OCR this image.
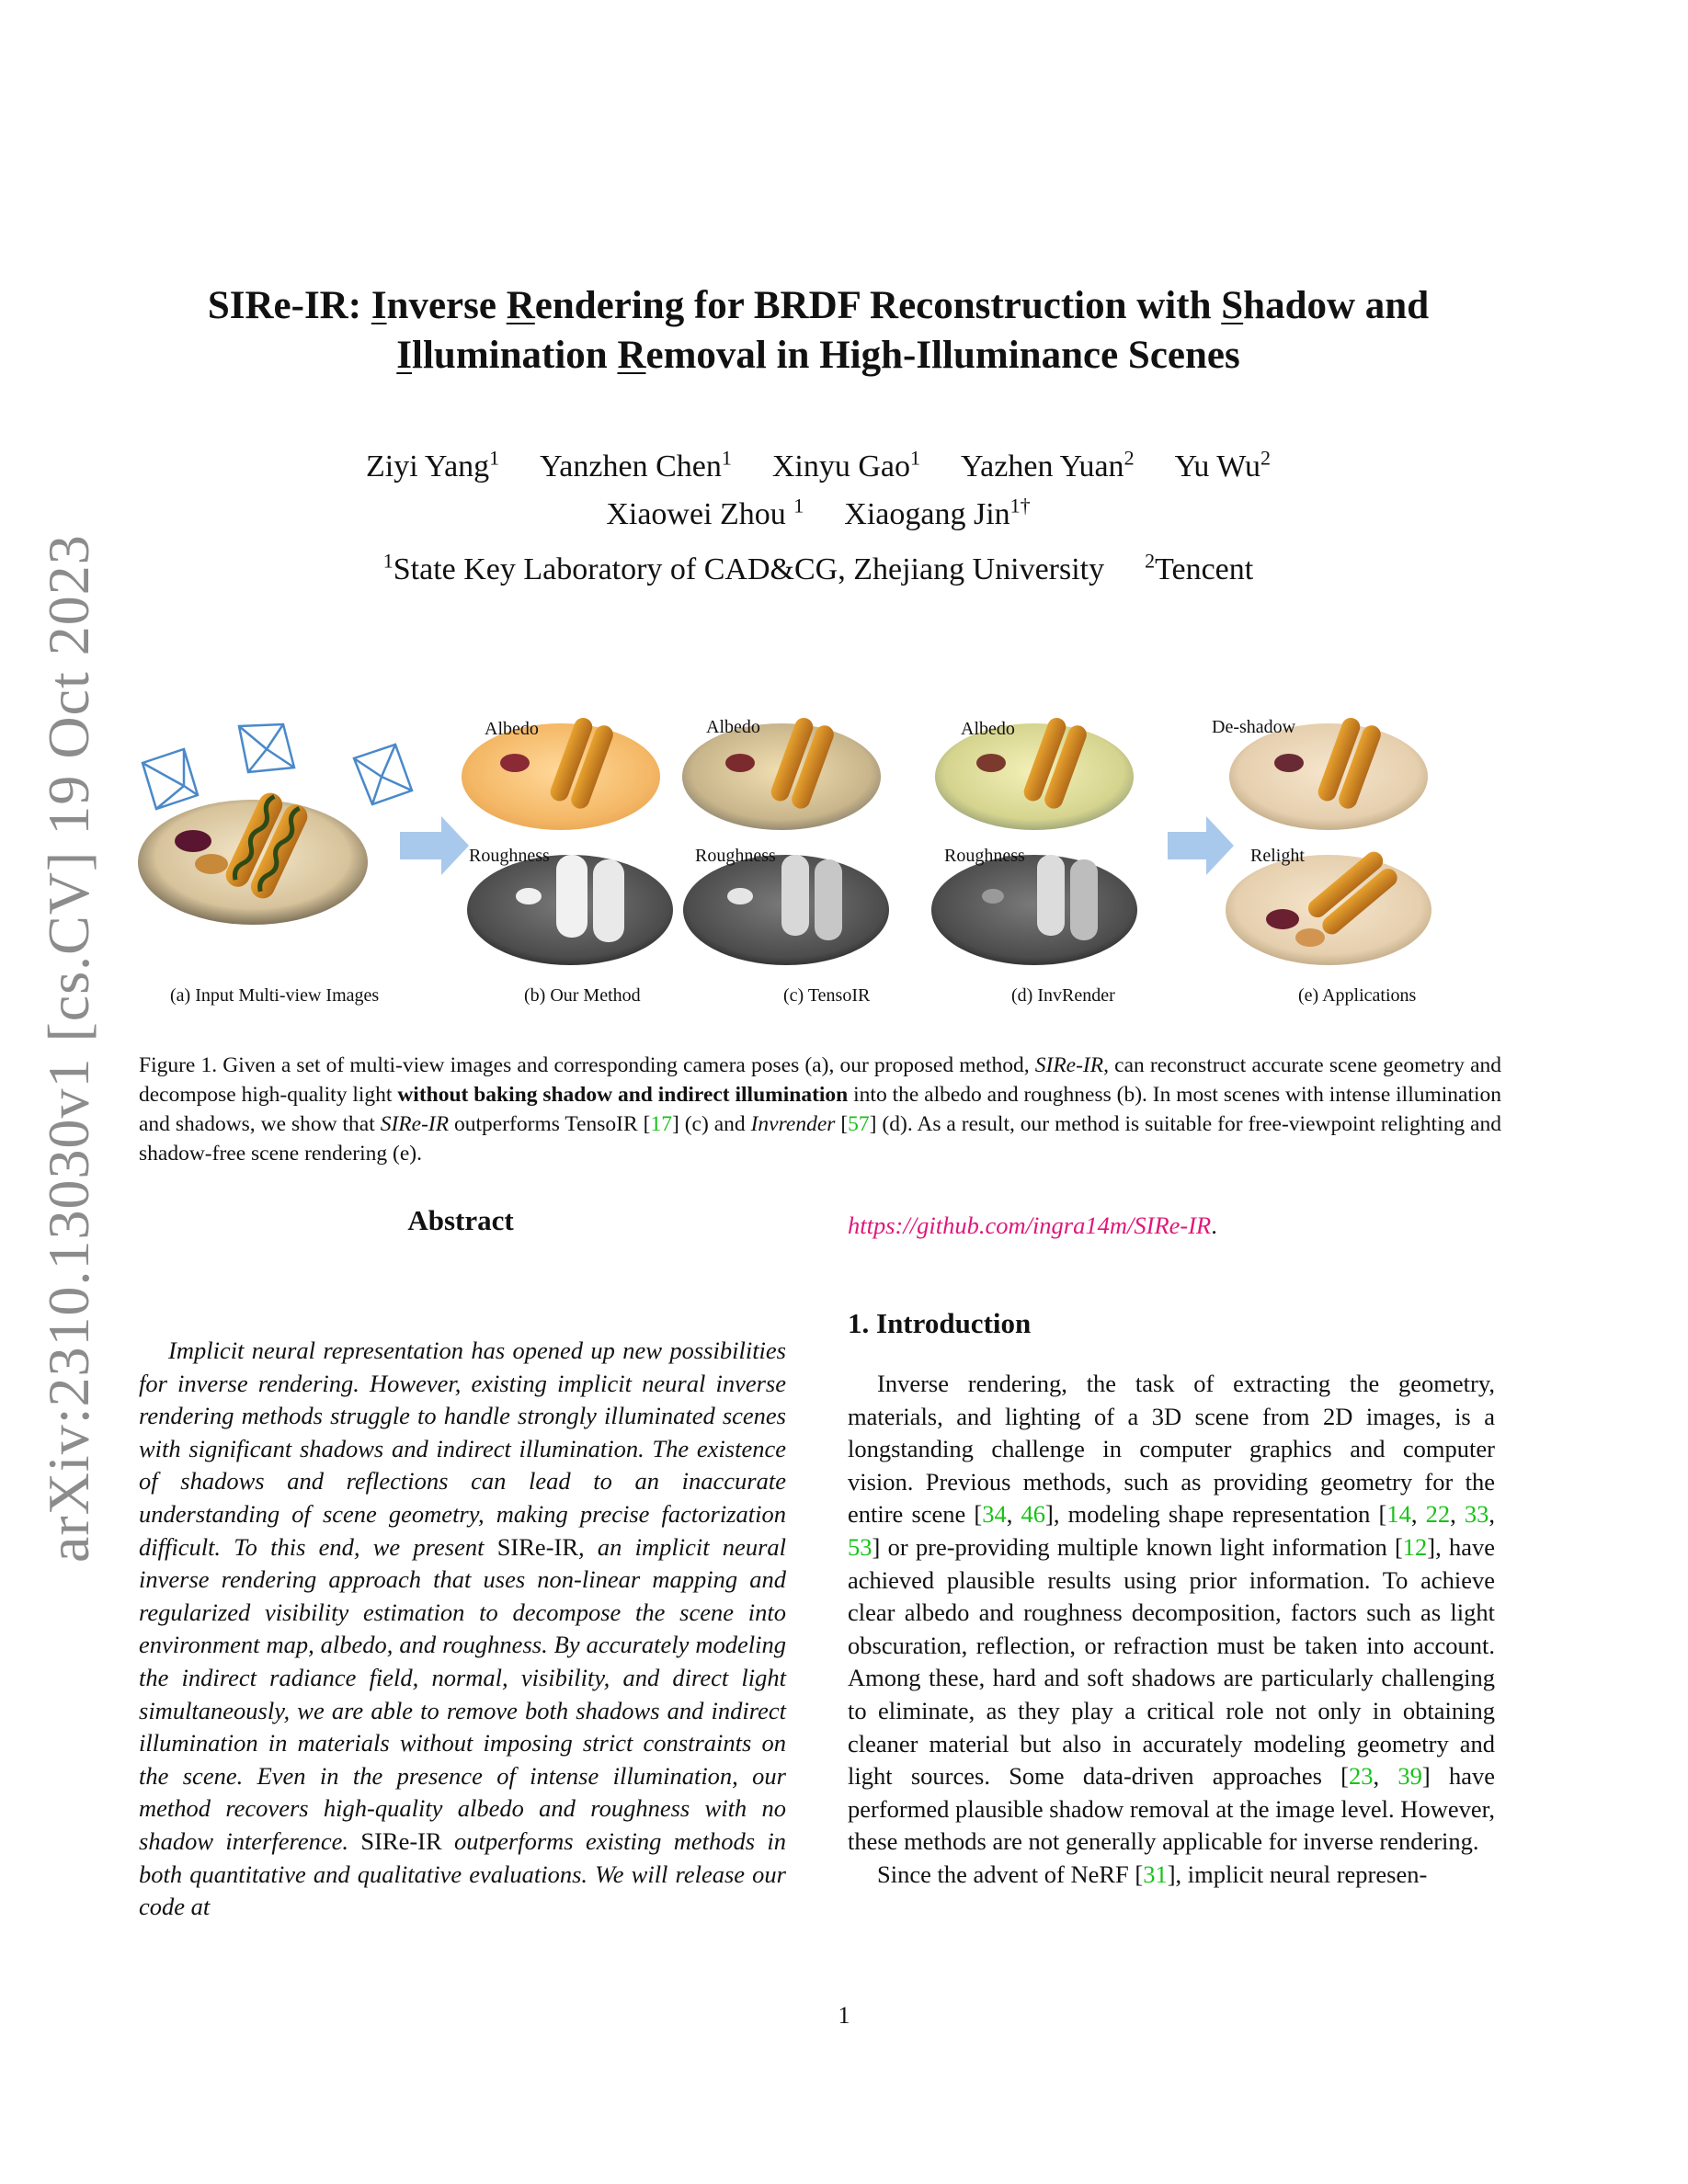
arXiv:2310.13030v1 [cs.CV] 19 Oct 2023
SIRe-IR: Inverse Rendering for BRDF Reconstruction with Shadow and
Illumination Removal in High-Illuminance Scenes
Ziyi Yang$^1$ Yanzhen Chen$^1$ Xinyu Gao$^1$ Yazhen Yuan$^2$ Yu Wu$^2$
Xiaowei Zhou $^1$ Xiaogang Jin$^{1\dagger}$
$^1$State Key Laboratory of CAD&CG, Zhejiang University $^2$Tencent
Albedo	Albedo	Albedo	De-shadow
Roughness	Roughness	Roughness	Relight
(a) Input Multi-view Images	(b) Our Method	(c) TensoIR	(d) InvRender	(e) Applications
Figure 1. Given a set of multi-view images and corresponding camera poses (a), our proposed method, SIRe-IR, can reconstruct accurate scene geometry and decompose high-quality light without baking shadow and indirect illumination into the albedo and roughness (b). In most scenes with intense illumination and shadows, we show that SIRe-IR outperforms TensoIR [17] (c) and Invrender [57] (d). As a result, our method is suitable for free-viewpoint relighting and shadow-free scene rendering (e).
Abstract
Implicit neural representation has opened up new possibilities for inverse rendering. However, existing implicit neural inverse rendering methods struggle to handle strongly illuminated scenes with significant shadows and indirect illumination. The existence of shadows and reflections can lead to an inaccurate understanding of scene geometry, making precise factorization difficult. To this end, we present SIRe-IR, an implicit neural inverse rendering approach that uses non-linear mapping and regularized visibility estimation to decompose the scene into environment map, albedo, and roughness. By accurately modeling the indirect radiance field, normal, visibility, and direct light simultaneously, we are able to remove both shadows and indirect illumination in materials without imposing strict constraints on the scene. Even in the presence of intense illumination, our method recovers high-quality albedo and roughness with no shadow interference. SIRe-IR outperforms existing methods in both quantitative and qualitative evaluations. We will release our code at
https://github.com/ingra14m/SIRe-IR.
1. Introduction

Inverse rendering, the task of extracting the geometry, materials, and lighting of a 3D scene from 2D images, is a longstanding challenge in computer graphics and computer vision. Previous methods, such as providing geometry for the entire scene [34, 46], modeling shape representation [14, 22, 33, 53] or pre-providing multiple known light information [12], have achieved plausible results using prior information. To achieve clear albedo and roughness decomposition, factors such as light obscuration, reflection, or refraction must be taken into account. Among these, hard and soft shadows are particularly challenging to eliminate, as they play a critical role not only in obtaining cleaner material but also in accurately modeling geometry and light sources. Some data-driven approaches [23, 39] have performed plausible shadow removal at the image level. However, these methods are not generally applicable for inverse rendering.

Since the advent of NeRF [31], implicit neural represen-

1
